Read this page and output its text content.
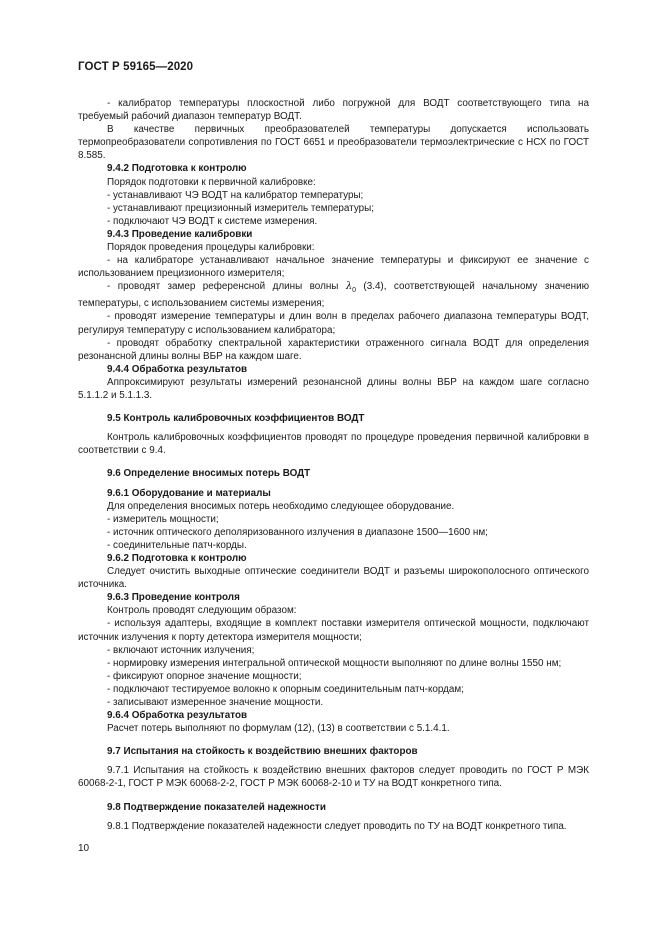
ГОСТ Р 59165—2020

- калибратор температуры плоскостной либо погружной для ВОДТ соответствующего типа на требуемый рабочий диапазон температур ВОДТ.

В качестве первичных преобразователей температуры допускается использовать термопреобразователи сопротивления по ГОСТ 6651 и преобразователи термоэлектрические с НСХ по ГОСТ 8.585.

9.4.2 Подготовка к контролю

Порядок подготовки к первичной калибровке:

- устанавливают ЧЭ ВОДТ на калибратор температуры;

- устанавливают прецизионный измеритель температуры;

- подключают ЧЭ ВОДТ к системе измерения.

9.4.3 Проведение калибровки

Порядок проведения процедуры калибровки:

- на калибраторе устанавливают начальное значение температуры и фиксируют ее значение с использованием прецизионного измерителя;

- проводят замер референсной длины волны $\lambda_0$ (3.4), соответствующей начальному значению температуры, с использованием системы измерения;

- проводят измерение температуры и длин волн в пределах рабочего диапазона температуры ВОДТ, регулируя температуру с использованием калибратора;

- проводят обработку спектральной характеристики отраженного сигнала ВОДТ для определения резонансной длины волны ВБР на каждом шаге.

9.4.4 Обработка результатов

Аппроксимируют результаты измерений резонансной длины волны ВБР на каждом шаге согласно 5.1.1.2 и 5.1.1.3.

9.5 Контроль калибровочных коэффициентов ВОДТ

Контроль калибровочных коэффициентов проводят по процедуре проведения первичной калибровки в соответствии с 9.4.

9.6 Определение вносимых потерь ВОДТ

9.6.1 Оборудование и материалы

Для определения вносимых потерь необходимо следующее оборудование.

- измеритель мощности;

- источник оптического деполяризованного излучения в диапазоне 1500—1600 нм;

- соединительные патч-корды.

9.6.2 Подготовка к контролю

Следует очистить выходные оптические соединители ВОДТ и разъемы широкополосного оптического источника.

9.6.3 Проведение контроля

Контроль проводят следующим образом:

- используя адаптеры, входящие в комплект поставки измерителя оптической мощности, подключают источник излучения к порту детектора измерителя мощности;

- включают источник излучения;

- нормировку измерения интегральной оптической мощности выполняют по длине волны 1550 нм;

- фиксируют опорное значение мощности;

- подключают тестируемое волокно к опорным соединительным патч-кордам;

- записывают измеренное значение мощности.

9.6.4 Обработка результатов

Расчет потерь выполняют по формулам (12), (13) в соответствии с 5.1.4.1.

9.7 Испытания на стойкость к воздействию внешних факторов

9.7.1 Испытания на стойкость к воздействию внешних факторов следует проводить по ГОСТ Р МЭК 60068-2-1, ГОСТ Р МЭК 60068-2-2, ГОСТ Р МЭК 60068-2-10 и ТУ на ВОДТ конкретного типа.

9.8 Подтверждение показателей надежности

9.8.1 Подтверждение показателей надежности следует проводить по ТУ на ВОДТ конкретного типа.

10
